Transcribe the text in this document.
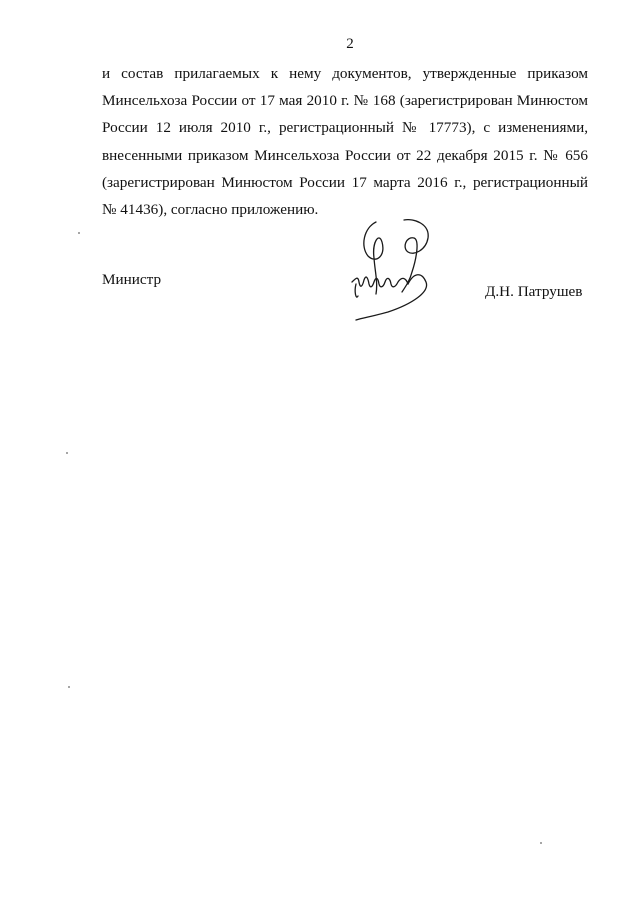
2
и состав прилагаемых к нему документов, утвержденные приказом
Минсельхоза России от 17 мая 2010 г. № 168 (зарегистрирован Минюстом
России 12 июля 2010 г., регистрационный № 17773), с изменениями,
внесенными приказом Минсельхоза России от 22 декабря 2015 г. № 656
(зарегистрирован Минюстом России 17 марта 2016 г., регистрационный
№ 41436), согласно приложению.
Министр
Д.Н. Патрушев
